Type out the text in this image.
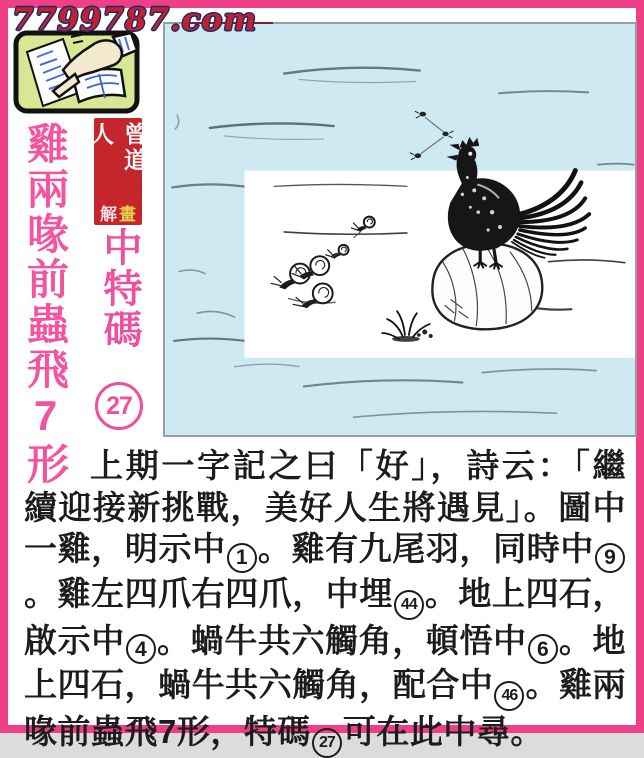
7799787.com
雞兩喙前蟲飛7形	曾道人
解 畫
中特碼
27
上期一字記之曰「好」，詩云：「繼續迎接新挑戰，美好人生將遇見」。圖中一雞，明示中 1 。雞有九尾羽，同時中 9。雞左四爪右四爪，中埋 44 。地上四石，啟示中 4 。蝸牛共六觸角，頓悟中 6 。地上四石，蝸牛共六觸角，配合中 46 。雞兩喙前蟲飛7形，特碼 27 可在此中尋。
